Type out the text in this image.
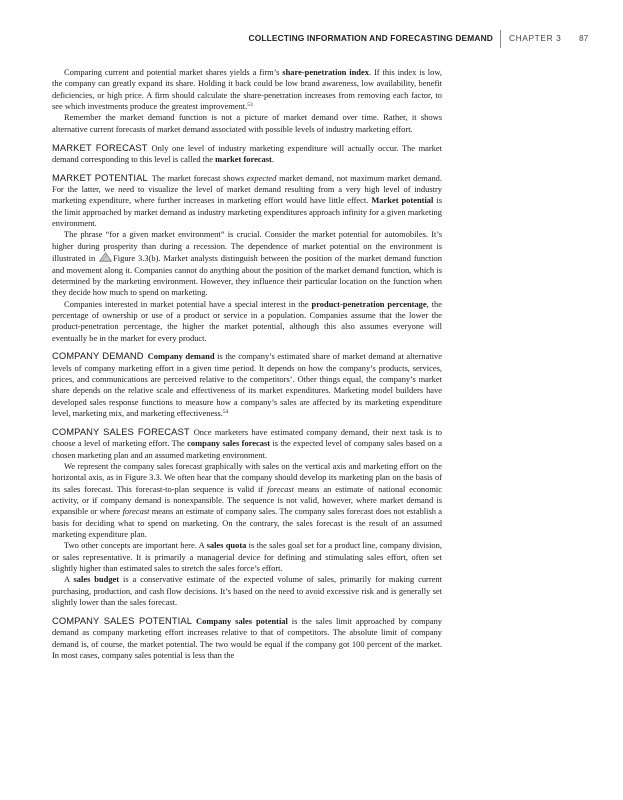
COLLECTING INFORMATION AND FORECASTING DEMAND CHAPTER 3 87

Comparing current and potential market shares yields a firm’s share-penetration index. If this index is low, the company can greatly expand its share. Holding it back could be low brand awareness, low availability, benefit deficiencies, or high price. A firm should calculate the share-penetration increases from removing each factor, to see which investments produce the greatest improvement.$^{53}$

Remember the market demand function is not a picture of market demand over time. Rather, it shows alternative current forecasts of market demand associated with possible levels of industry marketing effort.

MARKET FORECAST Only one level of industry marketing expenditure will actually occur. The market demand corresponding to this level is called the market forecast.

MARKET POTENTIAL The market forecast shows expected market demand, not maximum market demand. For the latter, we need to visualize the level of market demand resulting from a very high level of industry marketing expenditure, where further increases in marketing effort would have little effect. Market potential is the limit approached by market demand as industry marketing expenditures approach infinity for a given marketing environment.

The phrase “for a given market environment” is crucial. Consider the market potential for automobiles. It’s higher during prosperity than during a recession. The dependence of market potential on the environment is illustrated in Figure 3.3(b). Market analysts distinguish between the position of the market demand function and movement along it. Companies cannot do anything about the position of the market demand function, which is determined by the marketing environment. However, they influence their particular location on the function when they decide how much to spend on marketing.

Companies interested in market potential have a special interest in the product-penetration percentage, the percentage of ownership or use of a product or service in a population. Companies assume that the lower the product-penetration percentage, the higher the market potential, although this also assumes everyone will eventually be in the market for every product.

COMPANY DEMAND Company demand is the company’s estimated share of market demand at alternative levels of company marketing effort in a given time period. It depends on how the company’s products, services, prices, and communications are perceived relative to the competitors’. Other things equal, the company’s market share depends on the relative scale and effectiveness of its market expenditures. Marketing model builders have developed sales response functions to measure how a company’s sales are affected by its marketing expenditure level, marketing mix, and marketing effectiveness.$^{54}$

COMPANY SALES FORECAST Once marketers have estimated company demand, their next task is to choose a level of marketing effort. The company sales forecast is the expected level of company sales based on a chosen marketing plan and an assumed marketing environment.

We represent the company sales forecast graphically with sales on the vertical axis and marketing effort on the horizontal axis, as in Figure 3.3. We often hear that the company should develop its marketing plan on the basis of its sales forecast. This forecast-to-plan sequence is valid if forecast means an estimate of national economic activity, or if company demand is nonexpansible. The sequence is not valid, however, where market demand is expansible or where forecast means an estimate of company sales. The company sales forecast does not establish a basis for deciding what to spend on marketing. On the contrary, the sales forecast is the result of an assumed marketing expenditure plan.

Two other concepts are important here. A sales quota is the sales goal set for a product line, company division, or sales representative. It is primarily a managerial device for defining and stimulating sales effort, often set slightly higher than estimated sales to stretch the sales force’s effort.

A sales budget is a conservative estimate of the expected volume of sales, primarily for making current purchasing, production, and cash flow decisions. It’s based on the need to avoid excessive risk and is generally set slightly lower than the sales forecast.

COMPANY SALES POTENTIAL Company sales potential is the sales limit approached by company demand as company marketing effort increases relative to that of competitors. The absolute limit of company demand is, of course, the market potential. The two would be equal if the company got 100 percent of the market. In most cases, company sales potential is less than the
